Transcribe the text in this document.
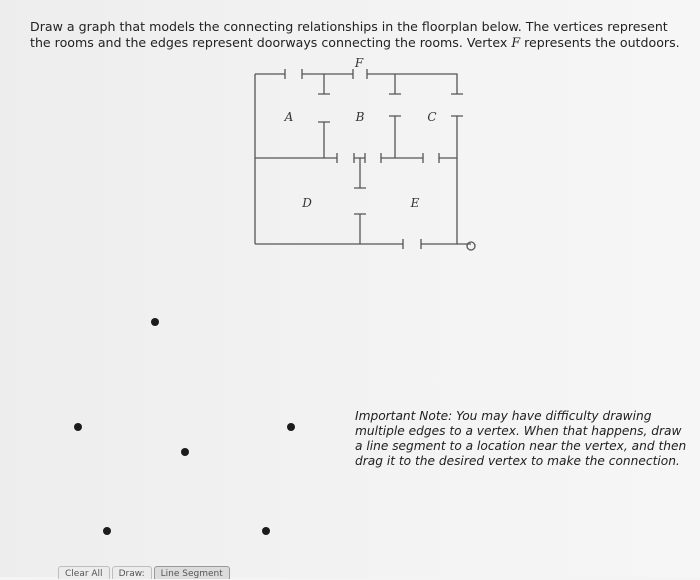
Draw a graph that models the connecting relationships in the floorplan below. The vertices represent the rooms and the edges represent doorways connecting the rooms. Vertex F represents the outdoors.
F
A	B	C
D	E
Important Note: You may have difficulty drawing multiple edges to a vertex. When that happens, draw a line segment to a location near the vertex, and then drag it to the desired vertex to make the connection.
Clear All	Draw:	Line Segment
